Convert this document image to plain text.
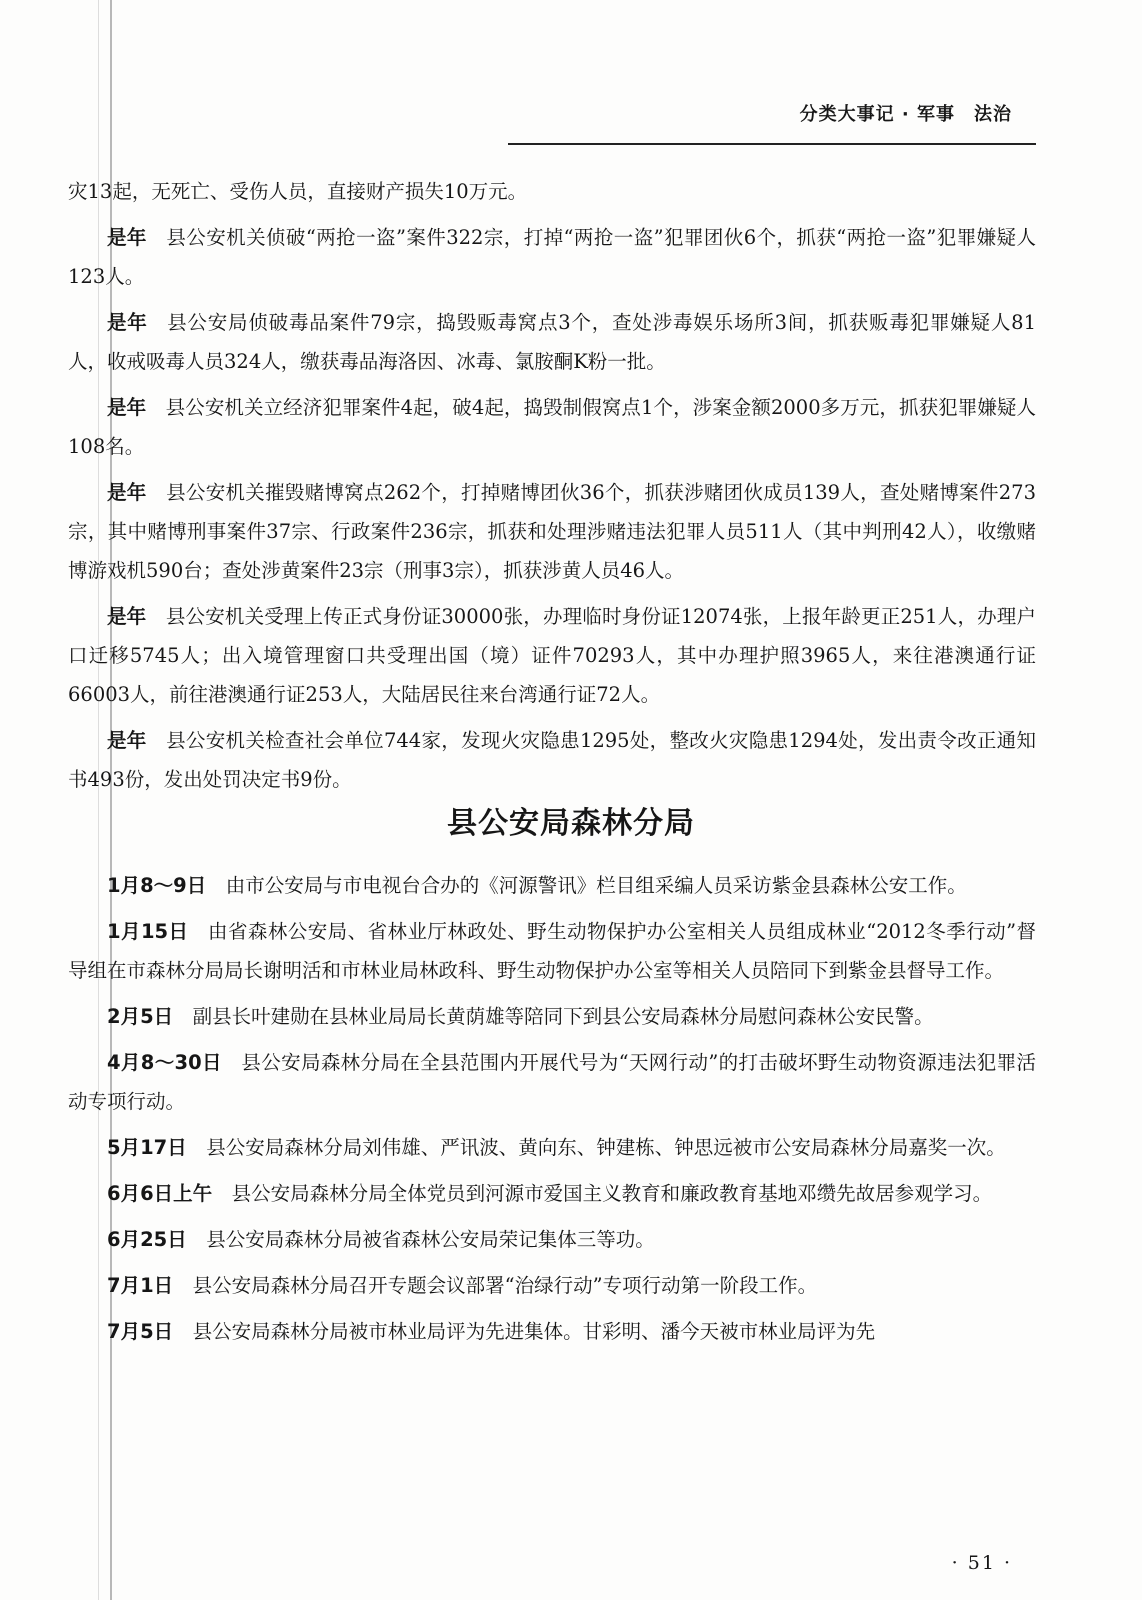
分类大事记 · 军事　法治

灾13起，无死亡、受伤人员，直接财产损失10万元。

是年 县公安机关侦破“两抢一盗”案件322宗，打掉“两抢一盗”犯罪团伙6个，抓获“两抢一盗”犯罪嫌疑人123人。

是年 县公安局侦破毒品案件79宗，捣毁贩毒窝点3个，查处涉毒娱乐场所3间，抓获贩毒犯罪嫌疑人81人，收戒吸毒人员324人，缴获毒品海洛因、冰毒、氯胺酮K粉一批。

是年 县公安机关立经济犯罪案件4起，破4起，捣毁制假窝点1个，涉案金额2000多万元，抓获犯罪嫌疑人108名。

是年 县公安机关摧毁赌博窝点262个，打掉赌博团伙36个，抓获涉赌团伙成员139人，查处赌博案件273宗，其中赌博刑事案件37宗、行政案件236宗，抓获和处理涉赌违法犯罪人员511人（其中判刑42人），收缴赌博游戏机590台；查处涉黄案件23宗（刑事3宗），抓获涉黄人员46人。

是年 县公安机关受理上传正式身份证30000张，办理临时身份证12074张，上报年龄更正251人，办理户口迁移5745人；出入境管理窗口共受理出国（境）证件70293人，其中办理护照3965人，来往港澳通行证66003人，前往港澳通行证253人，大陆居民往来台湾通行证72人。

是年 县公安机关检查社会单位744家，发现火灾隐患1295处，整改火灾隐患1294处，发出责令改正通知书493份，发出处罚决定书9份。

县公安局森林分局

1月8～9日 由市公安局与市电视台合办的《河源警讯》栏目组采编人员采访紫金县森林公安工作。

1月15日 由省森林公安局、省林业厅林政处、野生动物保护办公室相关人员组成林业“2012冬季行动”督导组在市森林分局局长谢明活和市林业局林政科、野生动物保护办公室等相关人员陪同下到紫金县督导工作。

2月5日 副县长叶建勋在县林业局局长黄荫雄等陪同下到县公安局森林分局慰问森林公安民警。

4月8～30日 县公安局森林分局在全县范围内开展代号为“天网行动”的打击破坏野生动物资源违法犯罪活动专项行动。

5月17日 县公安局森林分局刘伟雄、严讯波、黄向东、钟建栋、钟思远被市公安局森林分局嘉奖一次。

6月6日上午 县公安局森林分局全体党员到河源市爱国主义教育和廉政教育基地邓缵先故居参观学习。

6月25日 县公安局森林分局被省森林公安局荣记集体三等功。

7月1日 县公安局森林分局召开专题会议部署“治绿行动”专项行动第一阶段工作。

7月5日 县公安局森林分局被市林业局评为先进集体。甘彩明、潘今天被市林业局评为先

· 51 ·
